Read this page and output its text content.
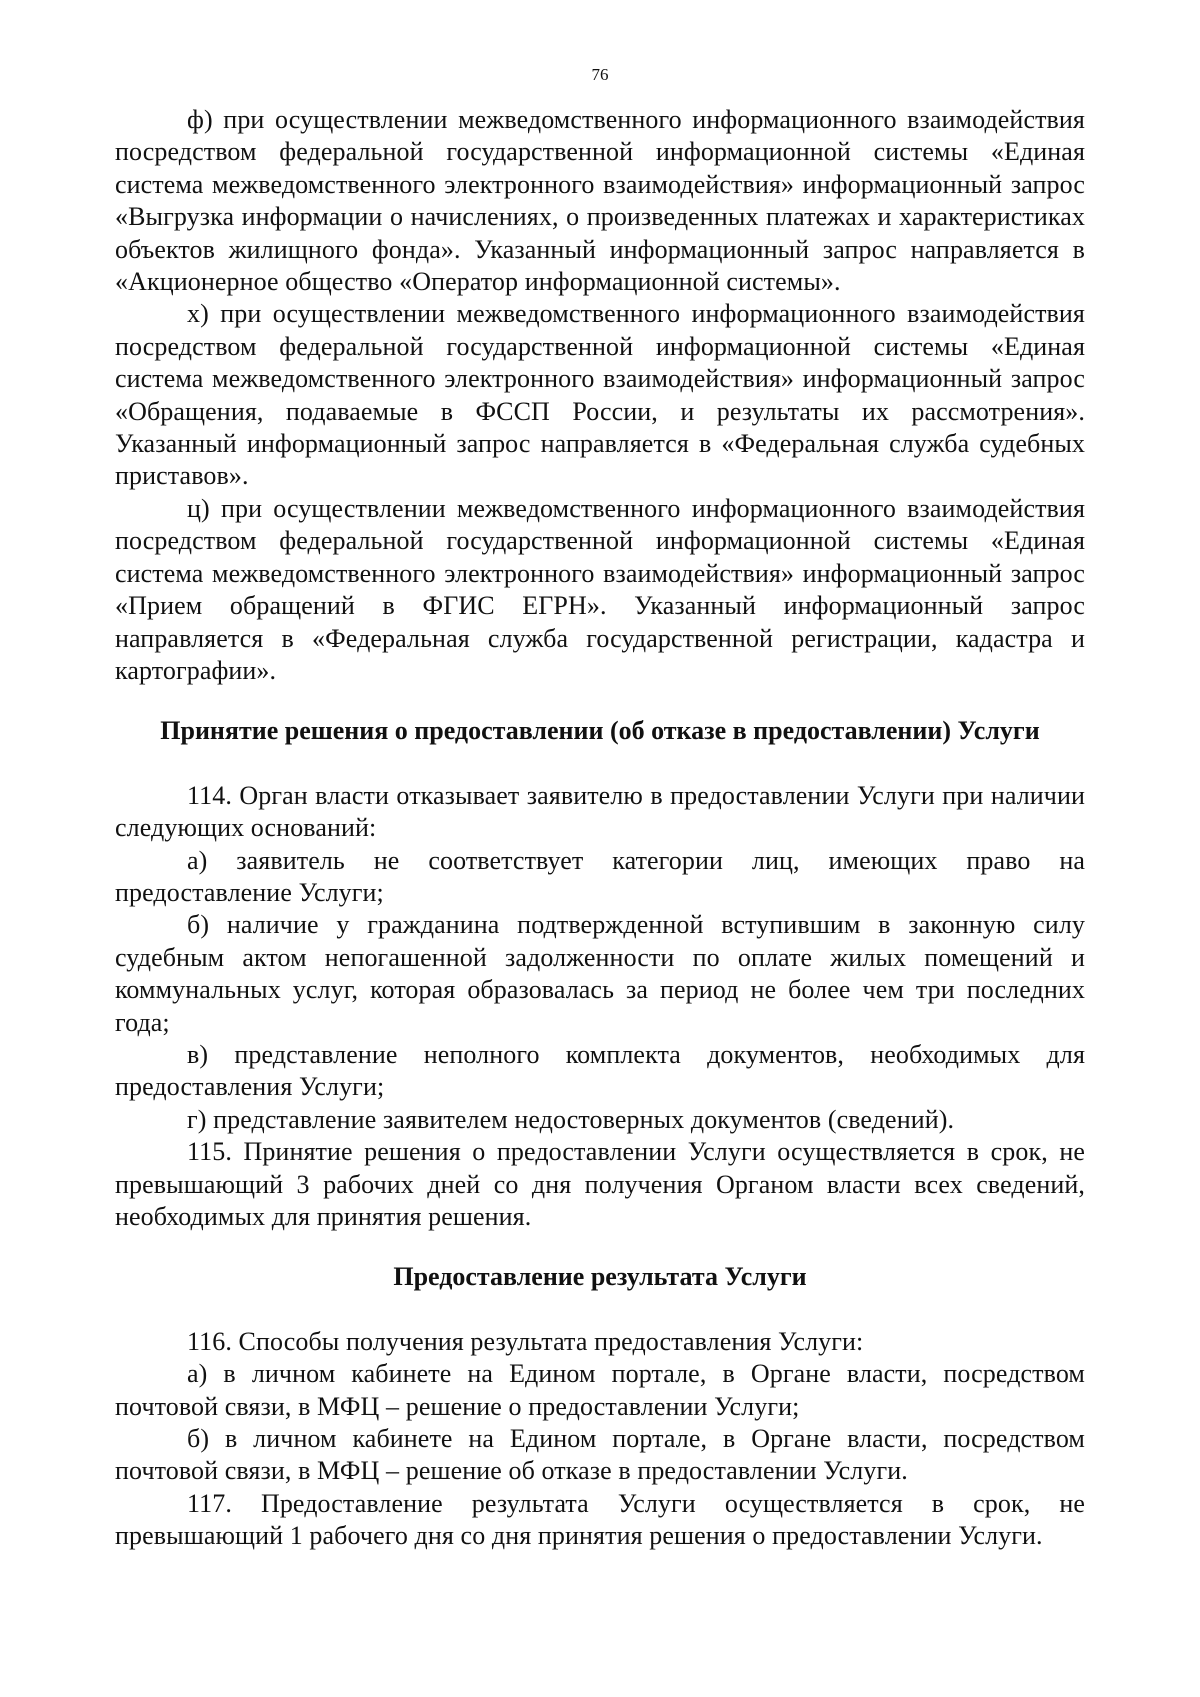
76

ф) при осуществлении межведомственного информационного взаимодействия посредством федеральной государственной информационной системы «Единая система межведомственного электронного взаимодействия» информационный запрос «Выгрузка информации о начислениях, о произведенных платежах и характеристиках объектов жилищного фонда». Указанный информационный запрос направляется в «Акционерное общество «Оператор информационной системы».

х) при осуществлении межведомственного информационного взаимодействия посредством федеральной государственной информационной системы «Единая система межведомственного электронного взаимодействия» информационный запрос «Обращения, подаваемые в ФССП России, и результаты их рассмотрения». Указанный информационный запрос направляется в «Федеральная служба судебных приставов».

ц) при осуществлении межведомственного информационного взаимодействия посредством федеральной государственной информационной системы «Единая система межведомственного электронного взаимодействия» информационный запрос «Прием обращений в ФГИС ЕГРН». Указанный информационный запрос направляется в «Федеральная служба государственной регистрации, кадастра и картографии».

Принятие решения о предоставлении (об отказе в предоставлении) Услуги

114. Орган власти отказывает заявителю в предоставлении Услуги при наличии следующих оснований:

а) заявитель не соответствует категории лиц, имеющих право на предоставление Услуги;

б) наличие у гражданина подтвержденной вступившим в законную силу судебным актом непогашенной задолженности по оплате жилых помещений и коммунальных услуг, которая образовалась за период не более чем три последних года;

в) представление неполного комплекта документов, необходимых для предоставления Услуги;

г) представление заявителем недостоверных документов (сведений).

115. Принятие решения о предоставлении Услуги осуществляется в срок, не превышающий 3 рабочих дней со дня получения Органом власти всех сведений, необходимых для принятия решения.

Предоставление результата Услуги

116. Способы получения результата предоставления Услуги:

а) в личном кабинете на Едином портале, в Органе власти, посредством почтовой связи, в МФЦ – решение о предоставлении Услуги;

б) в личном кабинете на Едином портале, в Органе власти, посредством почтовой связи, в МФЦ – решение об отказе в предоставлении Услуги.

117. Предоставление результата Услуги осуществляется в срок, не превышающий 1 рабочего дня со дня принятия решения о предоставлении Услуги.
